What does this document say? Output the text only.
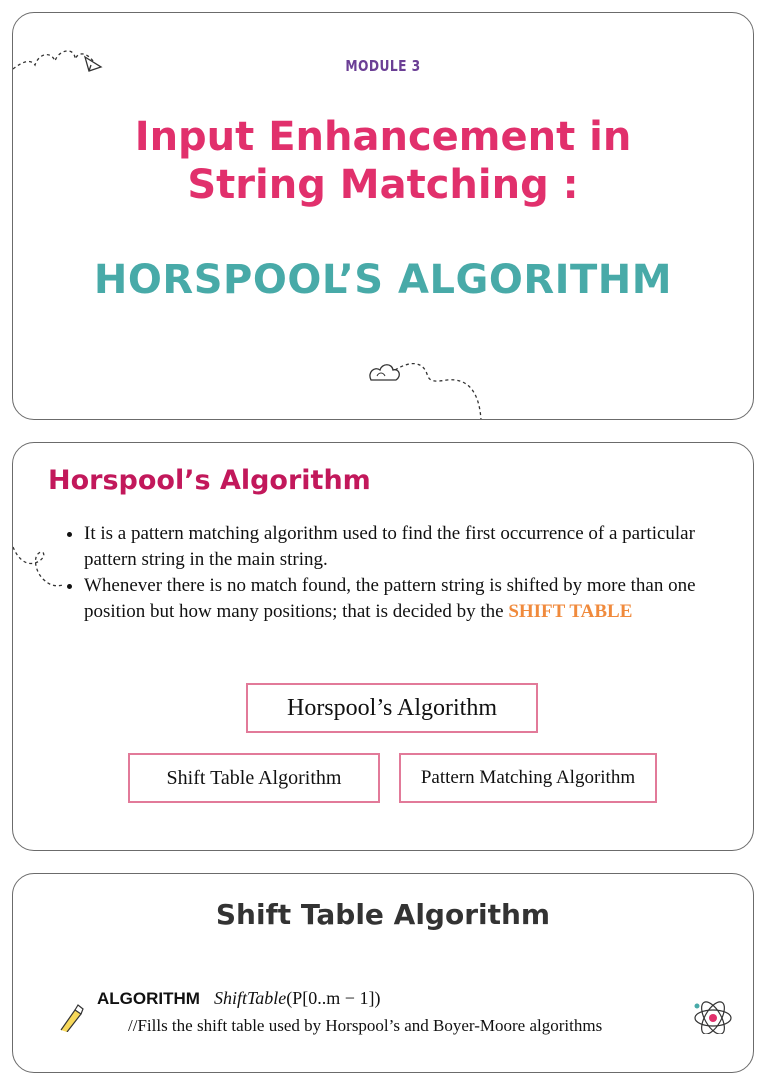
MODULE 3
Input Enhancement in
String Matching :
HORSPOOL’S ALGORITHM
Horspool’s Algorithm
• It is a pattern matching algorithm used to find the first occurrence of a particular pattern string in the main string.
• Whenever there is no match found, the pattern string is shifted by more than one position but how many positions; that is decided by the SHIFT TABLE
Horspool’s Algorithm
Shift Table Algorithm	Pattern Matching Algorithm
Shift Table Algorithm
ALGORITHM ShiftTable(P[0..m − 1])
//Fills the shift table used by Horspool’s and Boyer-Moore algorithms
